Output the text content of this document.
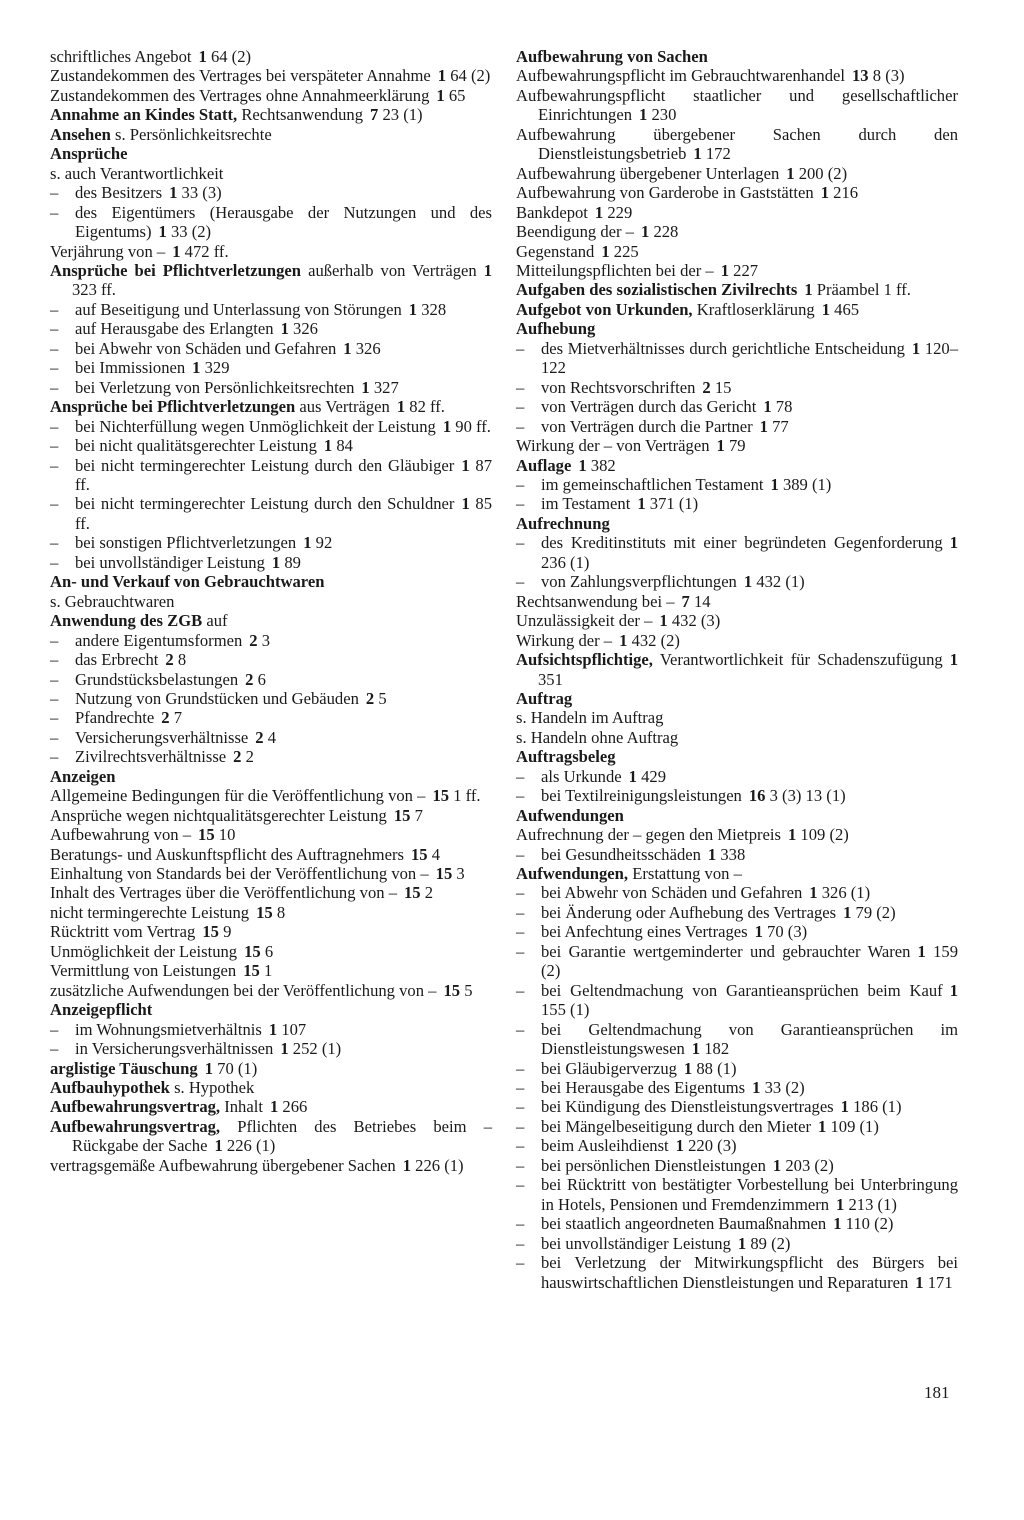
schriftliches Angebot 1 64 (2)
Zustandekommen des Vertrages bei verspäteter Annahme 1 64 (2)
Zustandekommen des Vertrages ohne Annahmeerklärung 1 65
Annahme an Kindes Statt, Rechtsanwendung 7 23 (1)
Ansehen s. Persönlichkeitsrechte
Ansprüche
s. auch Verantwortlichkeit
– des Besitzers 1 33 (3)
– des Eigentümers (Herausgabe der Nutzungen und des Eigentums) 1 33 (2)
Verjährung von – 1 472 ff.
Ansprüche bei Pflichtverletzungen außerhalb von Verträgen 1 323 ff.
– auf Beseitigung und Unterlassung von Störungen 1 328
– auf Herausgabe des Erlangten 1 326
– bei Abwehr von Schäden und Gefahren 1 326
– bei Immissionen 1 329
– bei Verletzung von Persönlichkeitsrechten 1 327
Ansprüche bei Pflichtverletzungen aus Verträgen 1 82 ff.
– bei Nichterfüllung wegen Unmöglichkeit der Leistung 1 90 ff.
– bei nicht qualitätsgerechter Leistung 1 84
– bei nicht termingerechter Leistung durch den Gläubiger 1 87 ff.
– bei nicht termingerechter Leistung durch den Schuldner 1 85 ff.
– bei sonstigen Pflichtverletzungen 1 92
– bei unvollständiger Leistung 1 89
An- und Verkauf von Gebrauchtwaren
s. Gebrauchtwaren
Anwendung des ZGB auf
– andere Eigentumsformen 2 3
– das Erbrecht 2 8
– Grundstücksbelastungen 2 6
– Nutzung von Grundstücken und Gebäuden 2 5
– Pfandrechte 2 7
– Versicherungsverhältnisse 2 4
– Zivilrechtsverhältnisse 2 2
Anzeigen
Allgemeine Bedingungen für die Veröffentlichung von – 15 1 ff.
Ansprüche wegen nichtqualitätsgerechter Leistung 15 7
Aufbewahrung von – 15 10
Beratungs- und Auskunftspflicht des Auftragnehmers 15 4
Einhaltung von Standards bei der Veröffentlichung von – 15 3
Inhalt des Vertrages über die Veröffentlichung von – 15 2
nicht termingerechte Leistung 15 8
Rücktritt vom Vertrag 15 9
Unmöglichkeit der Leistung 15 6
Vermittlung von Leistungen 15 1
zusätzliche Aufwendungen bei der Veröffentlichung von – 15 5
Anzeigepflicht
– im Wohnungsmietverhältnis 1 107
– in Versicherungsverhältnissen 1 252 (1)
arglistige Täuschung 1 70 (1)
Aufbauhypothek s. Hypothek
Aufbewahrungsvertrag, Inhalt 1 266
Aufbewahrungsvertrag, Pflichten des Betriebes beim – Rückgabe der Sache 1 226 (1)
vertragsgemäße Aufbewahrung übergebener Sachen 1 226 (1)
Aufbewahrung von Sachen
Aufbewahrungspflicht im Gebrauchtwarenhandel 13 8 (3)
Aufbewahrungspflicht staatlicher und gesellschaftlicher Einrichtungen 1 230
Aufbewahrung übergebener Sachen durch den Dienstleistungsbetrieb 1 172
Aufbewahrung übergebener Unterlagen 1 200 (2)
Aufbewahrung von Garderobe in Gaststätten 1 216
Bankdepot 1 229
Beendigung der – 1 228
Gegenstand 1 225
Mitteilungspflichten bei der – 1 227
Aufgaben des sozialistischen Zivilrechts 1 Präambel 1 ff.
Aufgebot von Urkunden, Kraftloserklärung 1 465
Aufhebung
– des Mietverhältnisses durch gerichtliche Entscheidung 1 120–122
– von Rechtsvorschriften 2 15
– von Verträgen durch das Gericht 1 78
– von Verträgen durch die Partner 1 77
Wirkung der – von Verträgen 1 79
Auflage 1 382
– im gemeinschaftlichen Testament 1 389 (1)
– im Testament 1 371 (1)
Aufrechnung
– des Kreditinstituts mit einer begründeten Gegenforderung 1 236 (1)
– von Zahlungsverpflichtungen 1 432 (1)
Rechtsanwendung bei – 7 14
Unzulässigkeit der – 1 432 (3)
Wirkung der – 1 432 (2)
Aufsichtspflichtige, Verantwortlichkeit für Schadenszufügung 1 351
Auftrag
s. Handeln im Auftrag
s. Handeln ohne Auftrag
Auftragsbeleg
– als Urkunde 1 429
– bei Textilreinigungsleistungen 16 3 (3) 13 (1)
Aufwendungen
Aufrechnung der – gegen den Mietpreis 1 109 (2)
– bei Gesundheitsschäden 1 338
Aufwendungen, Erstattung von –
– bei Abwehr von Schäden und Gefahren 1 326 (1)
– bei Änderung oder Aufhebung des Vertrages 1 79 (2)
– bei Anfechtung eines Vertrages 1 70 (3)
– bei Garantie wertgeminderter und gebrauchter Waren 1 159 (2)
– bei Geltendmachung von Garantieansprüchen beim Kauf 1 155 (1)
– bei Geltendmachung von Garantieansprüchen im Dienstleistungswesen 1 182
– bei Gläubigerverzug 1 88 (1)
– bei Herausgabe des Eigentums 1 33 (2)
– bei Kündigung des Dienstleistungsvertrages 1 186 (1)
– bei Mängelbeseitigung durch den Mieter 1 109 (1)
– beim Ausleihdienst 1 220 (3)
– bei persönlichen Dienstleistungen 1 203 (2)
– bei Rücktritt von bestätigter Vorbestellung bei Unterbringung in Hotels, Pensionen und Fremdenzimmern 1 213 (1)
– bei staatlich angeordneten Baumaßnahmen 1 110 (2)
– bei unvollständiger Leistung 1 89 (2)
– bei Verletzung der Mitwirkungspflicht des Bürgers bei hauswirtschaftlichen Dienstleistungen und Reparaturen 1 171
181
